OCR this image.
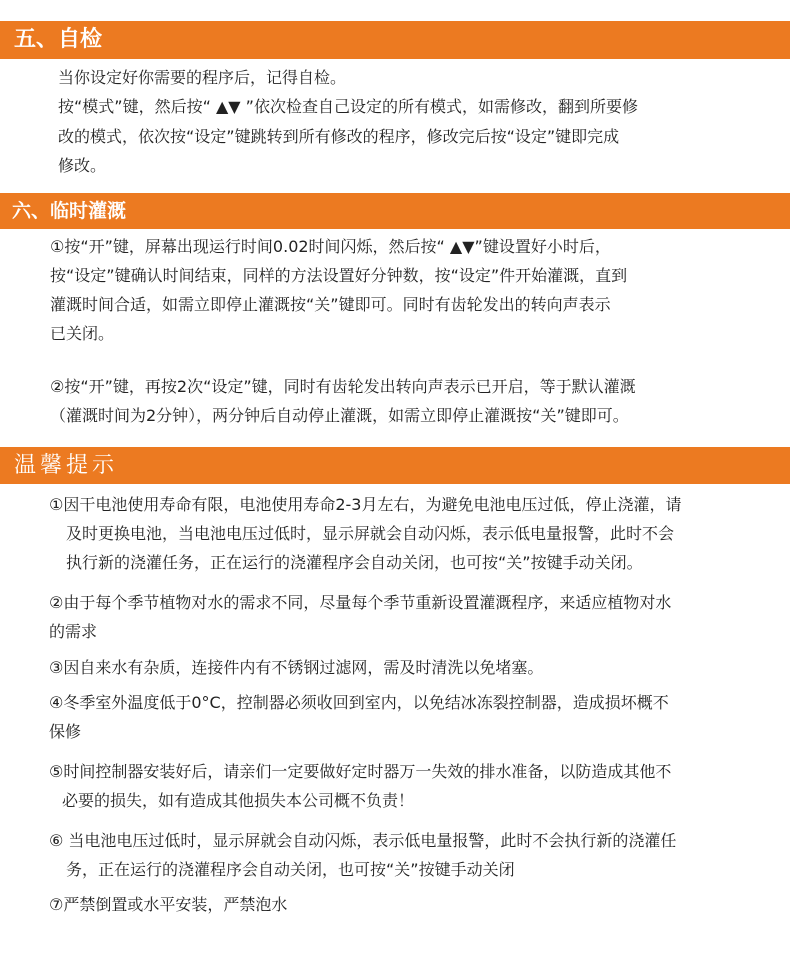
五、自检
当你设定好你需要的程序后，记得自检。
按“模式”键，然后按“ ▲▼ ”依次检查自己设定的所有模式，如需修改，翻到所要修
改的模式，依次按“设定”键跳转到所有修改的程序，修改完后按“设定”键即完成
修改。
六、临时灌溉
①按“开”键，屏幕出现运行时间0.02时间闪烁，然后按“ ▲▼”键设置好小时后，
按“设定”键确认时间结束，同样的方法设置好分钟数，按“设定”件开始灌溉，直到
灌溉时间合适，如需立即停止灌溉按“关”键即可。同时有齿轮发出的转向声表示
已关闭。
②按“开”键，再按2次“设定”键，同时有齿轮发出转向声表示已开启，等于默认灌溉
（灌溉时间为2分钟），两分钟后自动停止灌溉，如需立即停止灌溉按“关”键即可。
温馨提示
①因干电池使用寿命有限，电池使用寿命2-3月左右，为避免电池电压过低，停止浇灌，请
及时更换电池，当电池电压过低时，显示屏就会自动闪烁，表示低电量报警，此时不会
执行新的浇灌任务，正在运行的浇灌程序会自动关闭，也可按“关”按键手动关闭。
②由于每个季节植物对水的需求不同，尽量每个季节重新设置灌溉程序，来适应植物对水
的需求
③因自来水有杂质，连接件内有不锈钢过滤网，需及时清洗以免堵塞。
④冬季室外温度低于0°C，控制器必须收回到室内，以免结冰冻裂控制器，造成损坏概不
保修
⑤时间控制器安装好后，请亲们一定要做好定时器万一失效的排水准备，以防造成其他不
必要的损失，如有造成其他损失本公司概不负责！
⑥ 当电池电压过低时，显示屏就会自动闪烁，表示低电量报警，此时不会执行新的浇灌任
务，正在运行的浇灌程序会自动关闭，也可按“关”按键手动关闭
⑦严禁倒置或水平安装，严禁泡水
